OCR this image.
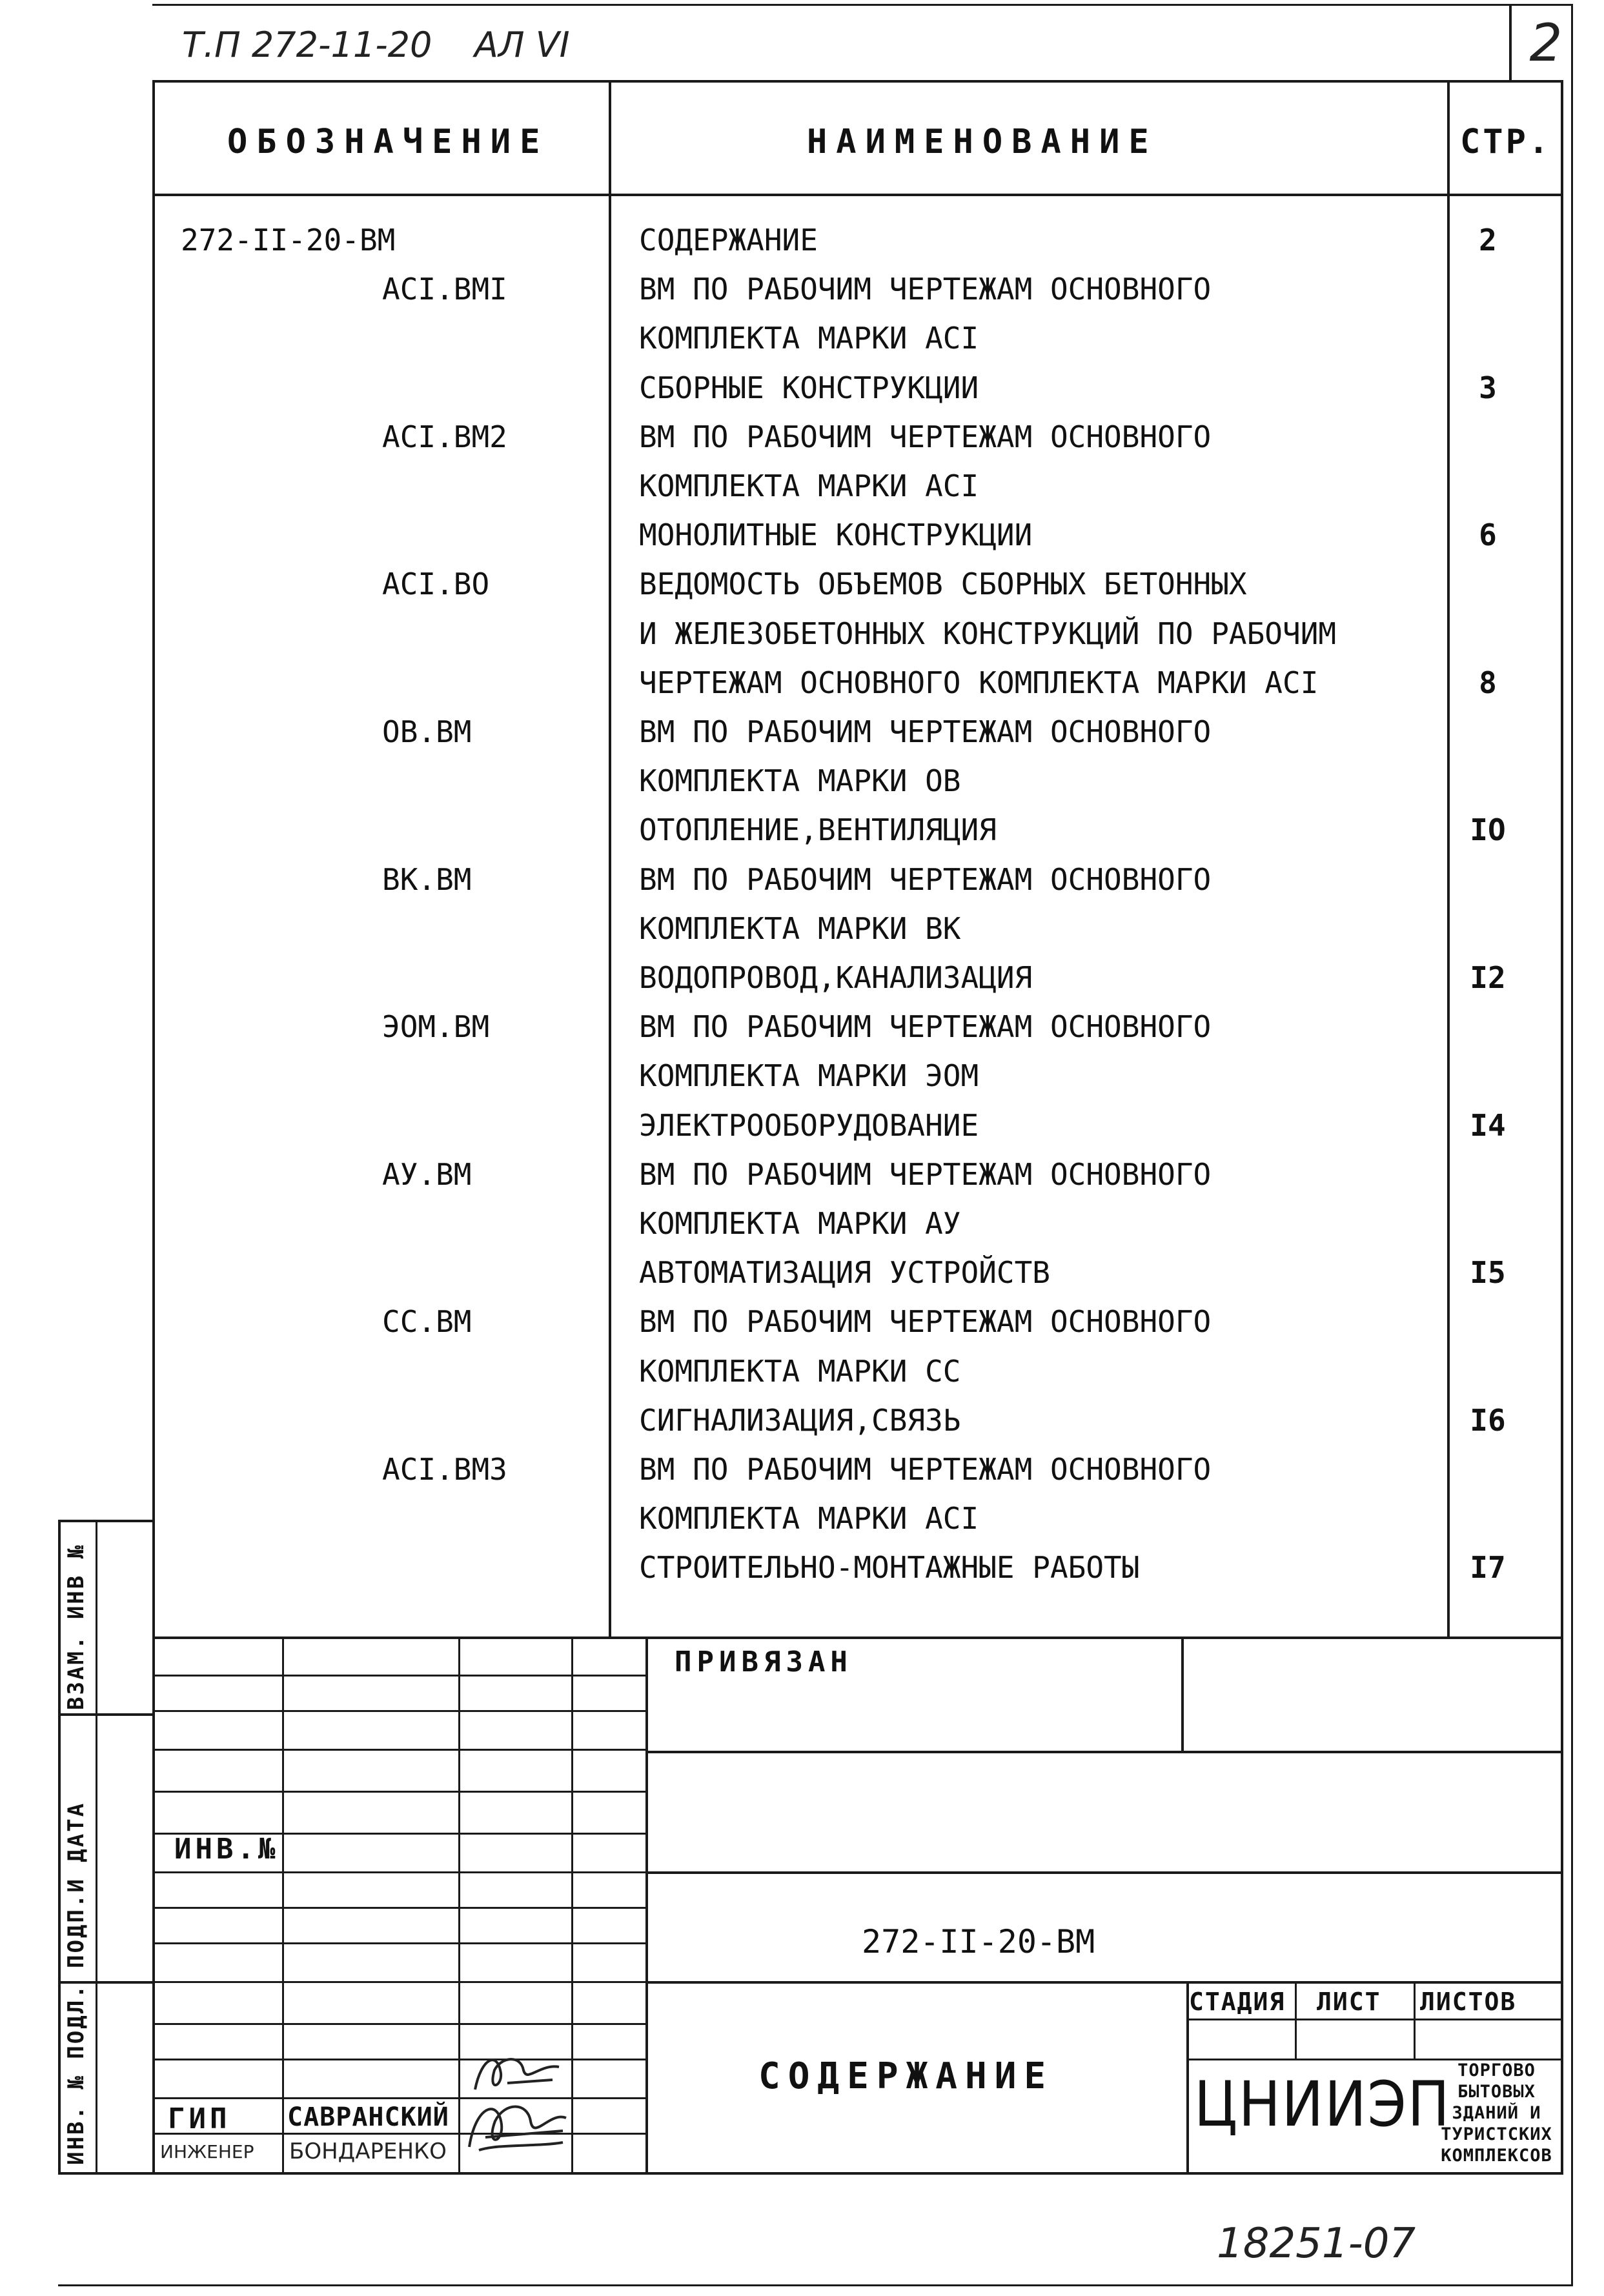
Т.П 272-11-20 АЛ VI	2
ОБОЗНАЧЕНИЕ	НАИМЕНОВАНИЕ	СТР.
272-II-20-ВМ	СОДЕРЖАНИЕ	2
АСI.ВМI	ВМ ПО РАБОЧИМ ЧЕРТЕЖАМ ОСНОВНОГО
КОМПЛЕКТА МАРКИ АСI
СБОРНЫЕ КОНСТРУКЦИИ	3
АСI.ВМ2	ВМ ПО РАБОЧИМ ЧЕРТЕЖАМ ОСНОВНОГО
КОМПЛЕКТА МАРКИ АСI
МОНОЛИТНЫЕ КОНСТРУКЦИИ	6
АСI.ВО	ВЕДОМОСТЬ ОБЪЕМОВ СБОРНЫХ БЕТОННЫХ
И ЖЕЛЕЗОБЕТОННЫХ КОНСТРУКЦИЙ ПО РАБОЧИМ
ЧЕРТЕЖАМ ОСНОВНОГО КОМПЛЕКТА МАРКИ АСI	8
ОВ.ВМ	ВМ ПО РАБОЧИМ ЧЕРТЕЖАМ ОСНОВНОГО
КОМПЛЕКТА МАРКИ ОВ
ОТОПЛЕНИЕ,ВЕНТИЛЯЦИЯ	IO
ВК.ВМ	ВМ ПО РАБОЧИМ ЧЕРТЕЖАМ ОСНОВНОГО
КОМПЛЕКТА МАРКИ ВК
ВОДОПРОВОД,КАНАЛИЗАЦИЯ	I2
ЭОМ.ВМ	ВМ ПО РАБОЧИМ ЧЕРТЕЖАМ ОСНОВНОГО
КОМПЛЕКТА МАРКИ ЭОМ
ЭЛЕКТРООБОРУДОВАНИЕ	I4
АУ.ВМ	ВМ ПО РАБОЧИМ ЧЕРТЕЖАМ ОСНОВНОГО
КОМПЛЕКТА МАРКИ АУ
АВТОМАТИЗАЦИЯ УСТРОЙСТВ	I5
СС.ВМ	ВМ ПО РАБОЧИМ ЧЕРТЕЖАМ ОСНОВНОГО
КОМПЛЕКТА МАРКИ СС
СИГНАЛИЗАЦИЯ,СВЯЗЬ	I6
АСI.ВМ3	ВМ ПО РАБОЧИМ ЧЕРТЕЖАМ ОСНОВНОГО
КОМПЛЕКТА МАРКИ АСI
СТРОИТЕЛЬНО-МОНТАЖНЫЕ РАБОТЫ	I7
ВЗАМ. ИНВ №
ПОДП.И ДАТА
ИНВ. № ПОДЛ.
ПРИВЯЗАН
ИНВ.№
272-II-20-ВМ
СОДЕРЖАНИЕ
СТАДИЯ ЛИСТ ЛИСТОВ
ГИП САВРАНСКИЙ
ИНЖЕНЕР БОНДАРЕНКО
ЦНИИЭП ТОРГОВО
БЫТОВЫХ
ЗДАНИЙ И
ТУРИСТСКИХ
КОМПЛЕКСОВ
18251-07
